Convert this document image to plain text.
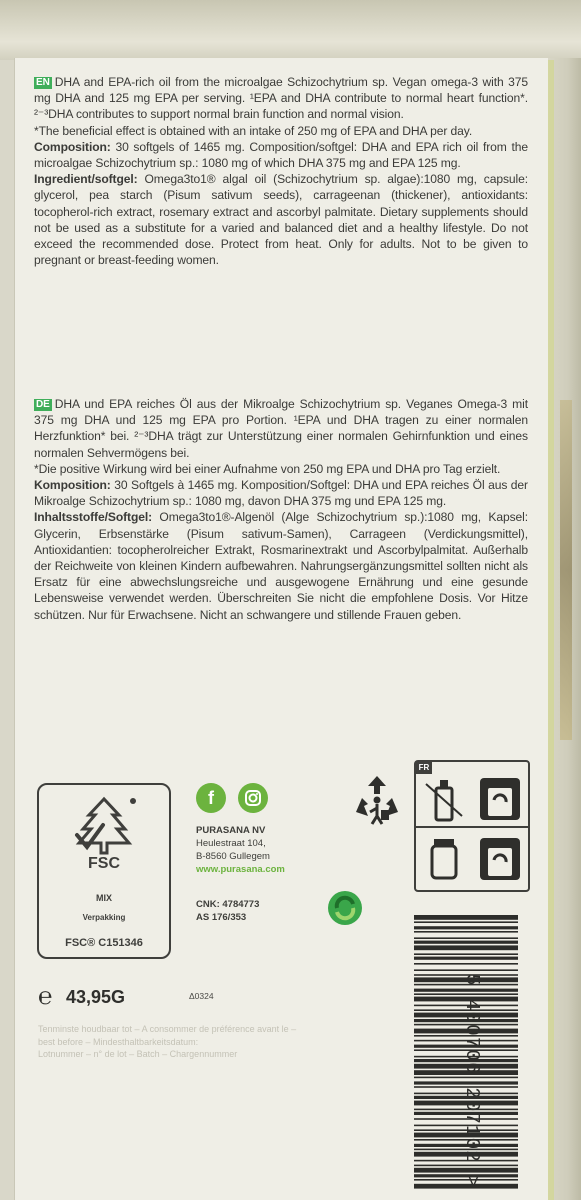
EN DHA and EPA-rich oil from the microalgae Schizochytrium sp. Vegan omega-3 with 375 mg DHA and 125 mg EPA per serving. ¹EPA and DHA contribute to normal heart function*. ²⁻³DHA contributes to support normal brain function and normal vision.

*The beneficial effect is obtained with an intake of 250 mg of EPA and DHA per day.

Composition: 30 softgels of 1465 mg. Composition/softgel: DHA and EPA rich oil from the microalgae Schizochytrium sp.: 1080 mg of which DHA 375 mg and EPA 125 mg.

Ingredient/softgel: Omega3to1® algal oil (Schizochytrium sp. algae):1080 mg, capsule: glycerol, pea starch (Pisum sativum seeds), carrageenan (thickener), antioxidants: tocopherol-rich extract, rosemary extract and ascorbyl palmitate. Dietary supplements should not be used as a substitute for a varied and balanced diet and a healthy lifestyle. Do not exceed the recommended dose. Protect from heat. Only for adults. Not to be given to pregnant or breast-feeding women.

DE DHA und EPA reiches Öl aus der Mikroalge Schizochytrium sp. Veganes Omega-3 mit 375 mg DHA und 125 mg EPA pro Portion. ¹EPA und DHA tragen zu einer normalen Herzfunktion* bei. ²⁻³DHA trägt zur Unterstützung einer normalen Gehirnfunktion und eines normalen Sehvermögens bei.

*Die positive Wirkung wird bei einer Aufnahme von 250 mg EPA und DHA pro Tag erzielt.

Komposition: 30 Softgels à 1465 mg. Komposition/Softgel: DHA und EPA reiches Öl aus der Mikroalge Schizochytrium sp.: 1080 mg, davon DHA 375 mg und EPA 125 mg.

Inhaltsstoffe/Softgel: Omega3to1®-Algenöl (Alge Schizochytrium sp.):1080 mg, Kapsel: Glycerin, Erbsenstärke (Pisum sativum-Samen), Carrageen (Verdickungsmittel), Antioxidantien: tocopherolreicher Extrakt, Rosmarinextrakt und Ascorbylpalmitat. Außerhalb der Reichweite von kleinen Kindern aufbewahren. Nahrungsergänzungsmittel sollten nicht als Ersatz für eine abwechslungsreiche und ausgewogene Ernährung und eine gesunde Lebensweise verwendet werden. Überschreiten Sie nicht die empfohlene Dosis. Vor Hitze schützen. Nur für Erwachsene. Nicht an schwangere und stillende Frauen geben.

FSC
MIX
Verpakking
FSC® C151346
f
PURASANA NV
Heulestraat 104,
B-8560 Gullegem
www.purasana.com
CNK: 4784773
AS 176/353
FR
℮ 43,95G	Δ0324
Tenminste houdbaar tot – A consommer de préférence avant le –
best before – Mindesthaltbarkeitsdatum:
Lotnummer – n° de lot – Batch – Chargennummer	5 400706 207102 >
